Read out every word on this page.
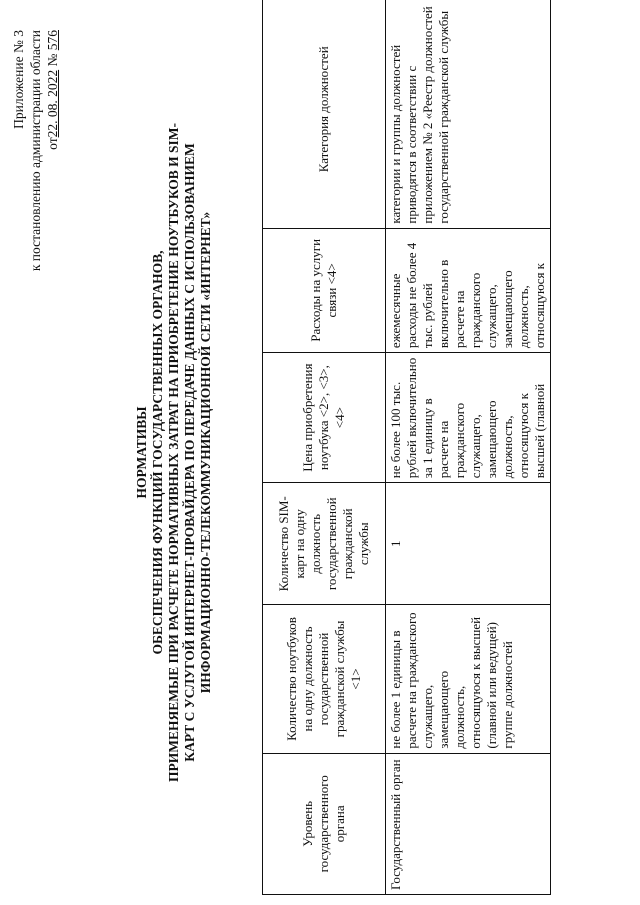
Приложение № 3 к постановлению администрации области от22. 08. 2022 № 576
НОРМАТИВЫ ОБЕСПЕЧЕНИЯ ФУНКЦИЙ ГОСУДАРСТВЕННЫХ ОРГАНОВ, ПРИМЕНЯЕМЫЕ ПРИ РАСЧЕТЕ НОРМАТИВНЫХ ЗАТРАТ НА ПРИОБРЕТЕНИЕ НОУТБУКОВ И SIM- КАРТ С УСЛУГОЙ ИНТЕРНЕТ-ПРОВАЙДЕРА ПО ПЕРЕДАЧЕ ДАННЫХ С ИСПОЛЬЗОВАНИЕМ ИНФОРМАЦИОННО-ТЕЛЕКОММУНИКАЦИОННОЙ СЕТИ «ИНТЕРНЕТ»
Уровень государственного органа	Количество ноутбуков на одну должность государственной гражданской службы <1>	Количество SIM-карт на одну должность государственной гражданской службы	Цена приобретения ноутбука <2>, <3>, <4>	Расходы на услуги связи <4>	Категория должностей
Государственный орган	не более 1 единицы в расчете на гражданского служащего, замещающего должность, относящуюся к высшей (главной или ведущей) группе должностей	1	не более 100 тыс. рублей включительно за 1 единицу в расчете на гражданского служащего, замещающего должность, относящуюся к высшей (главной	ежемесячные расходы не более 4 тыс. рублей включительно в расчете на гражданского служащего, замещающего должность, относящуюся к	категории и группы должностей приводятся в соответствии с приложением № 2 «Реестр должностей государственной гражданской службы
